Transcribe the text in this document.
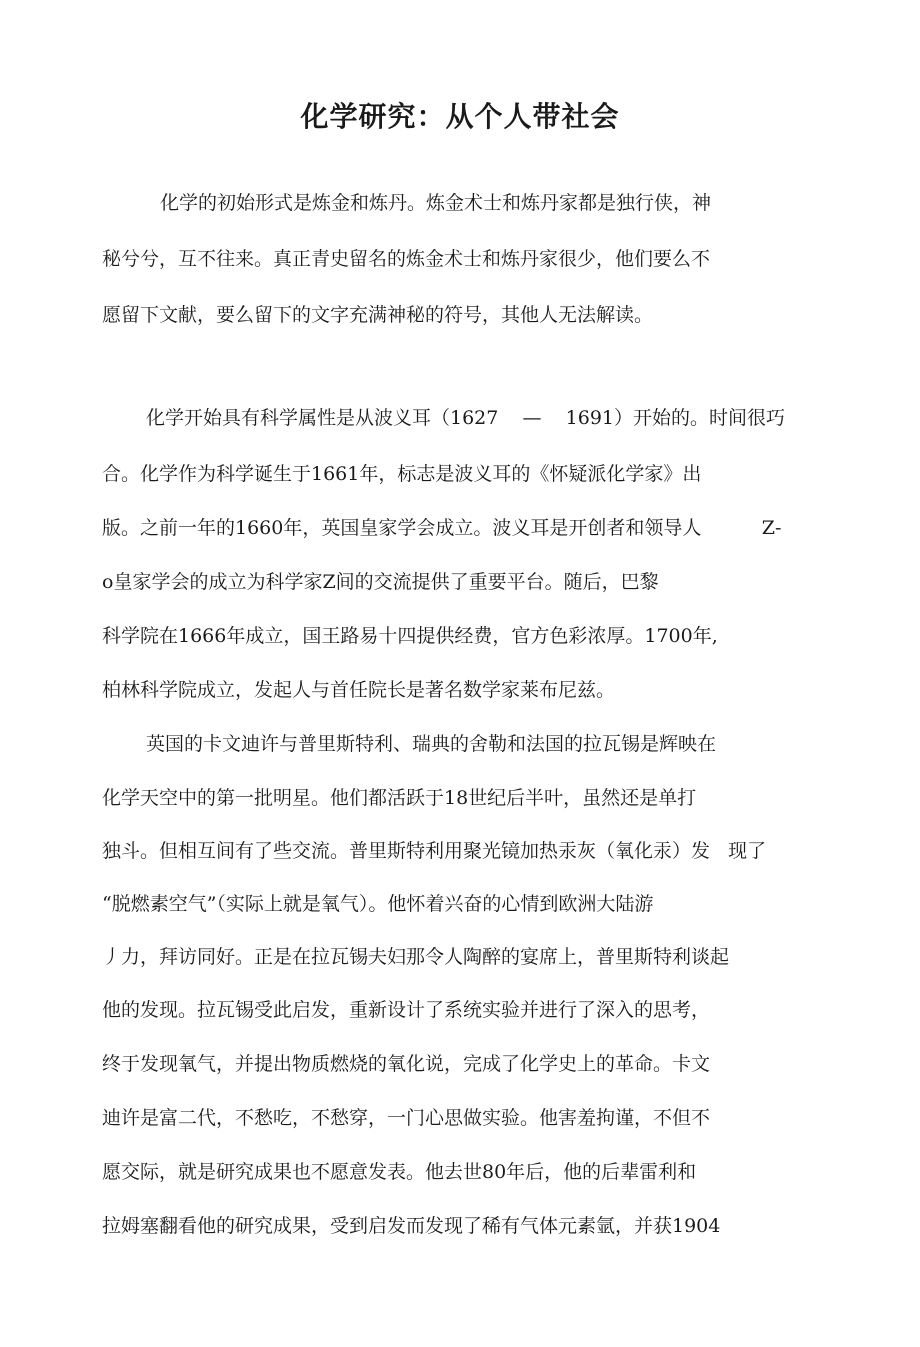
化学研究：从个人带社会

化学的初始形式是炼金和炼丹。炼金术士和炼丹家都是独行侠，神

秘兮兮，互不往来。真正青史留名的炼金术士和炼丹家很少，他们要么不

愿留下文献，要么留下的文字充满神秘的符号，其他人无法解读。

化学开始具有科学属性是从波义耳（1627    —    1691）开始的。时间很巧

合。化学作为科学诞生于1661年，标志是波义耳的《怀疑派化学家》出

版。之前一年的1660年，英国皇家学会成立。波义耳是开创者和领导人          Z-

o皇家学会的成立为科学家Z间的交流提供了重要平台。随后，巴黎

科学院在1666年成立，国王路易十四提供经费，官方色彩浓厚。1700年,

柏林科学院成立，发起人与首任院长是著名数学家莱布尼兹。

英国的卡文迪许与普里斯特利、瑞典的舍勒和法国的拉瓦锡是辉映在

化学天空中的第一批明星。他们都活跃于18世纪后半叶，虽然还是单打

独斗。但相互间有了些交流。普里斯特利用聚光镜加热汞灰（氧化汞）发   现了

“脱燃素空气”（实际上就是氧气）。他怀着兴奋的心情到欧洲大陆游

丿力，拜访同好。正是在拉瓦锡夫妇那令人陶醉的宴席上，普里斯特利谈起

他的发现。拉瓦锡受此启发，重新设计了系统实验并进行了深入的思考，

终于发现氧气，并提出物质燃烧的氧化说，完成了化学史上的革命。卡文

迪许是富二代，不愁吃，不愁穿，一门心思做实验。他害羞拘谨，不但不

愿交际，就是研究成果也不愿意发表。他去世80年后，他的后辈雷利和

拉姆塞翻看他的研究成果，受到启发而发现了稀有气体元素氩，并获1904
